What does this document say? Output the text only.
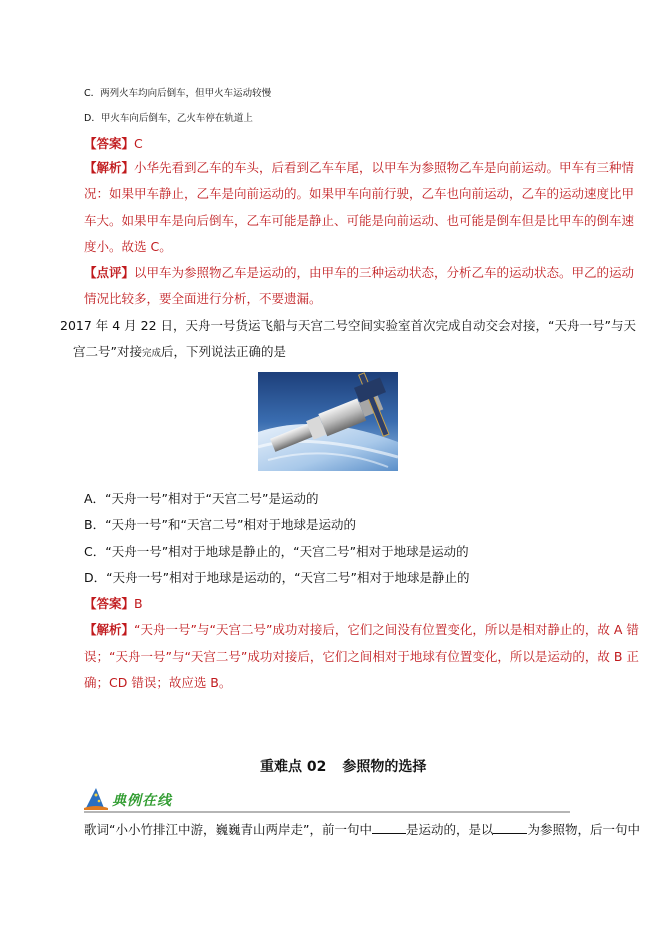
C．两列火车均向后倒车，但甲火车运动较慢
D．甲火车向后倒车，乙火车停在轨道上
【答案】C
【解析】小华先看到乙车的车头，后看到乙车车尾，以甲车为参照物乙车是向前运动。甲车有三种情
况：如果甲车静止，乙车是向前运动的。如果甲车向前行驶，乙车也向前运动，乙车的运动速度比甲
车大。如果甲车是向后倒车，乙车可能是静止、可能是向前运动、也可能是倒车但是比甲车的倒车速
度小。故选 C。
【点评】以甲车为参照物乙车是运动的，由甲车的三种运动状态，分析乙车的运动状态。甲乙的运动
情况比较多，要全面进行分析，不要遗漏。
2017 年 4 月 22 日，天舟一号货运飞船与天宫二号空间实验室首次完成自动交会对接，“天舟一号”与天
宫二号”对接完成后，下列说法正确的是
A．“天舟一号”相对于“天宫二号”是运动的
B．“天舟一号”和“天宫二号”相对于地球是运动的
C．“天舟一号”相对于地球是静止的，“天宫二号”相对于地球是运动的
D．“天舟一号”相对于地球是运动的，“天宫二号”相对于地球是静止的
【答案】B
【解析】“天舟一号”与“天宫二号”成功对接后，它们之间没有位置变化，所以是相对静止的，故 A 错
误；“天舟一号”与“天宫二号”成功对接后，它们之间相对于地球有位置变化，所以是运动的，故 B 正
确；CD 错误；故应选 B。
重难点 02 参照物的选择
典例在线
歌词“小小竹排江中游，巍巍青山两岸走”，前一句中	是运动的，是以	为参照物，后一句中
